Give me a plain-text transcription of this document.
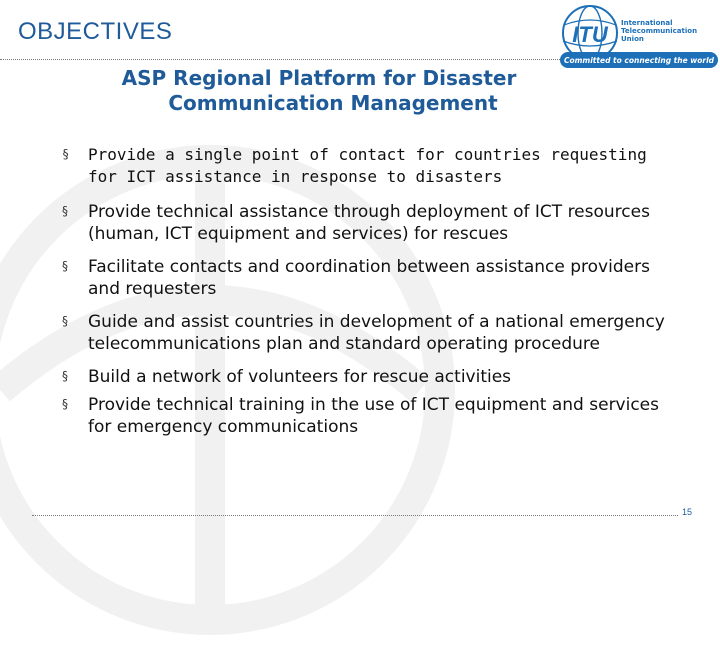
OBJECTIVES	ITU International
Telecommunication
Union
Committed to connecting the world
ASP Regional Platform for Disaster
Communication Management
§ Provide a single point of contact for countries requesting for ICT assistance in response to disasters
§	Provide technical assistance through deployment of ICT resources (human, ICT equipment and services) for rescues
§	Facilitate contacts and coordination between assistance providers and requesters
§	Guide and assist countries in development of a national emergency telecommunications plan and standard operating procedure
§	Build a network of volunteers for rescue activities
§	Provide technical training in the use of ICT equipment and services for emergency communications
15
